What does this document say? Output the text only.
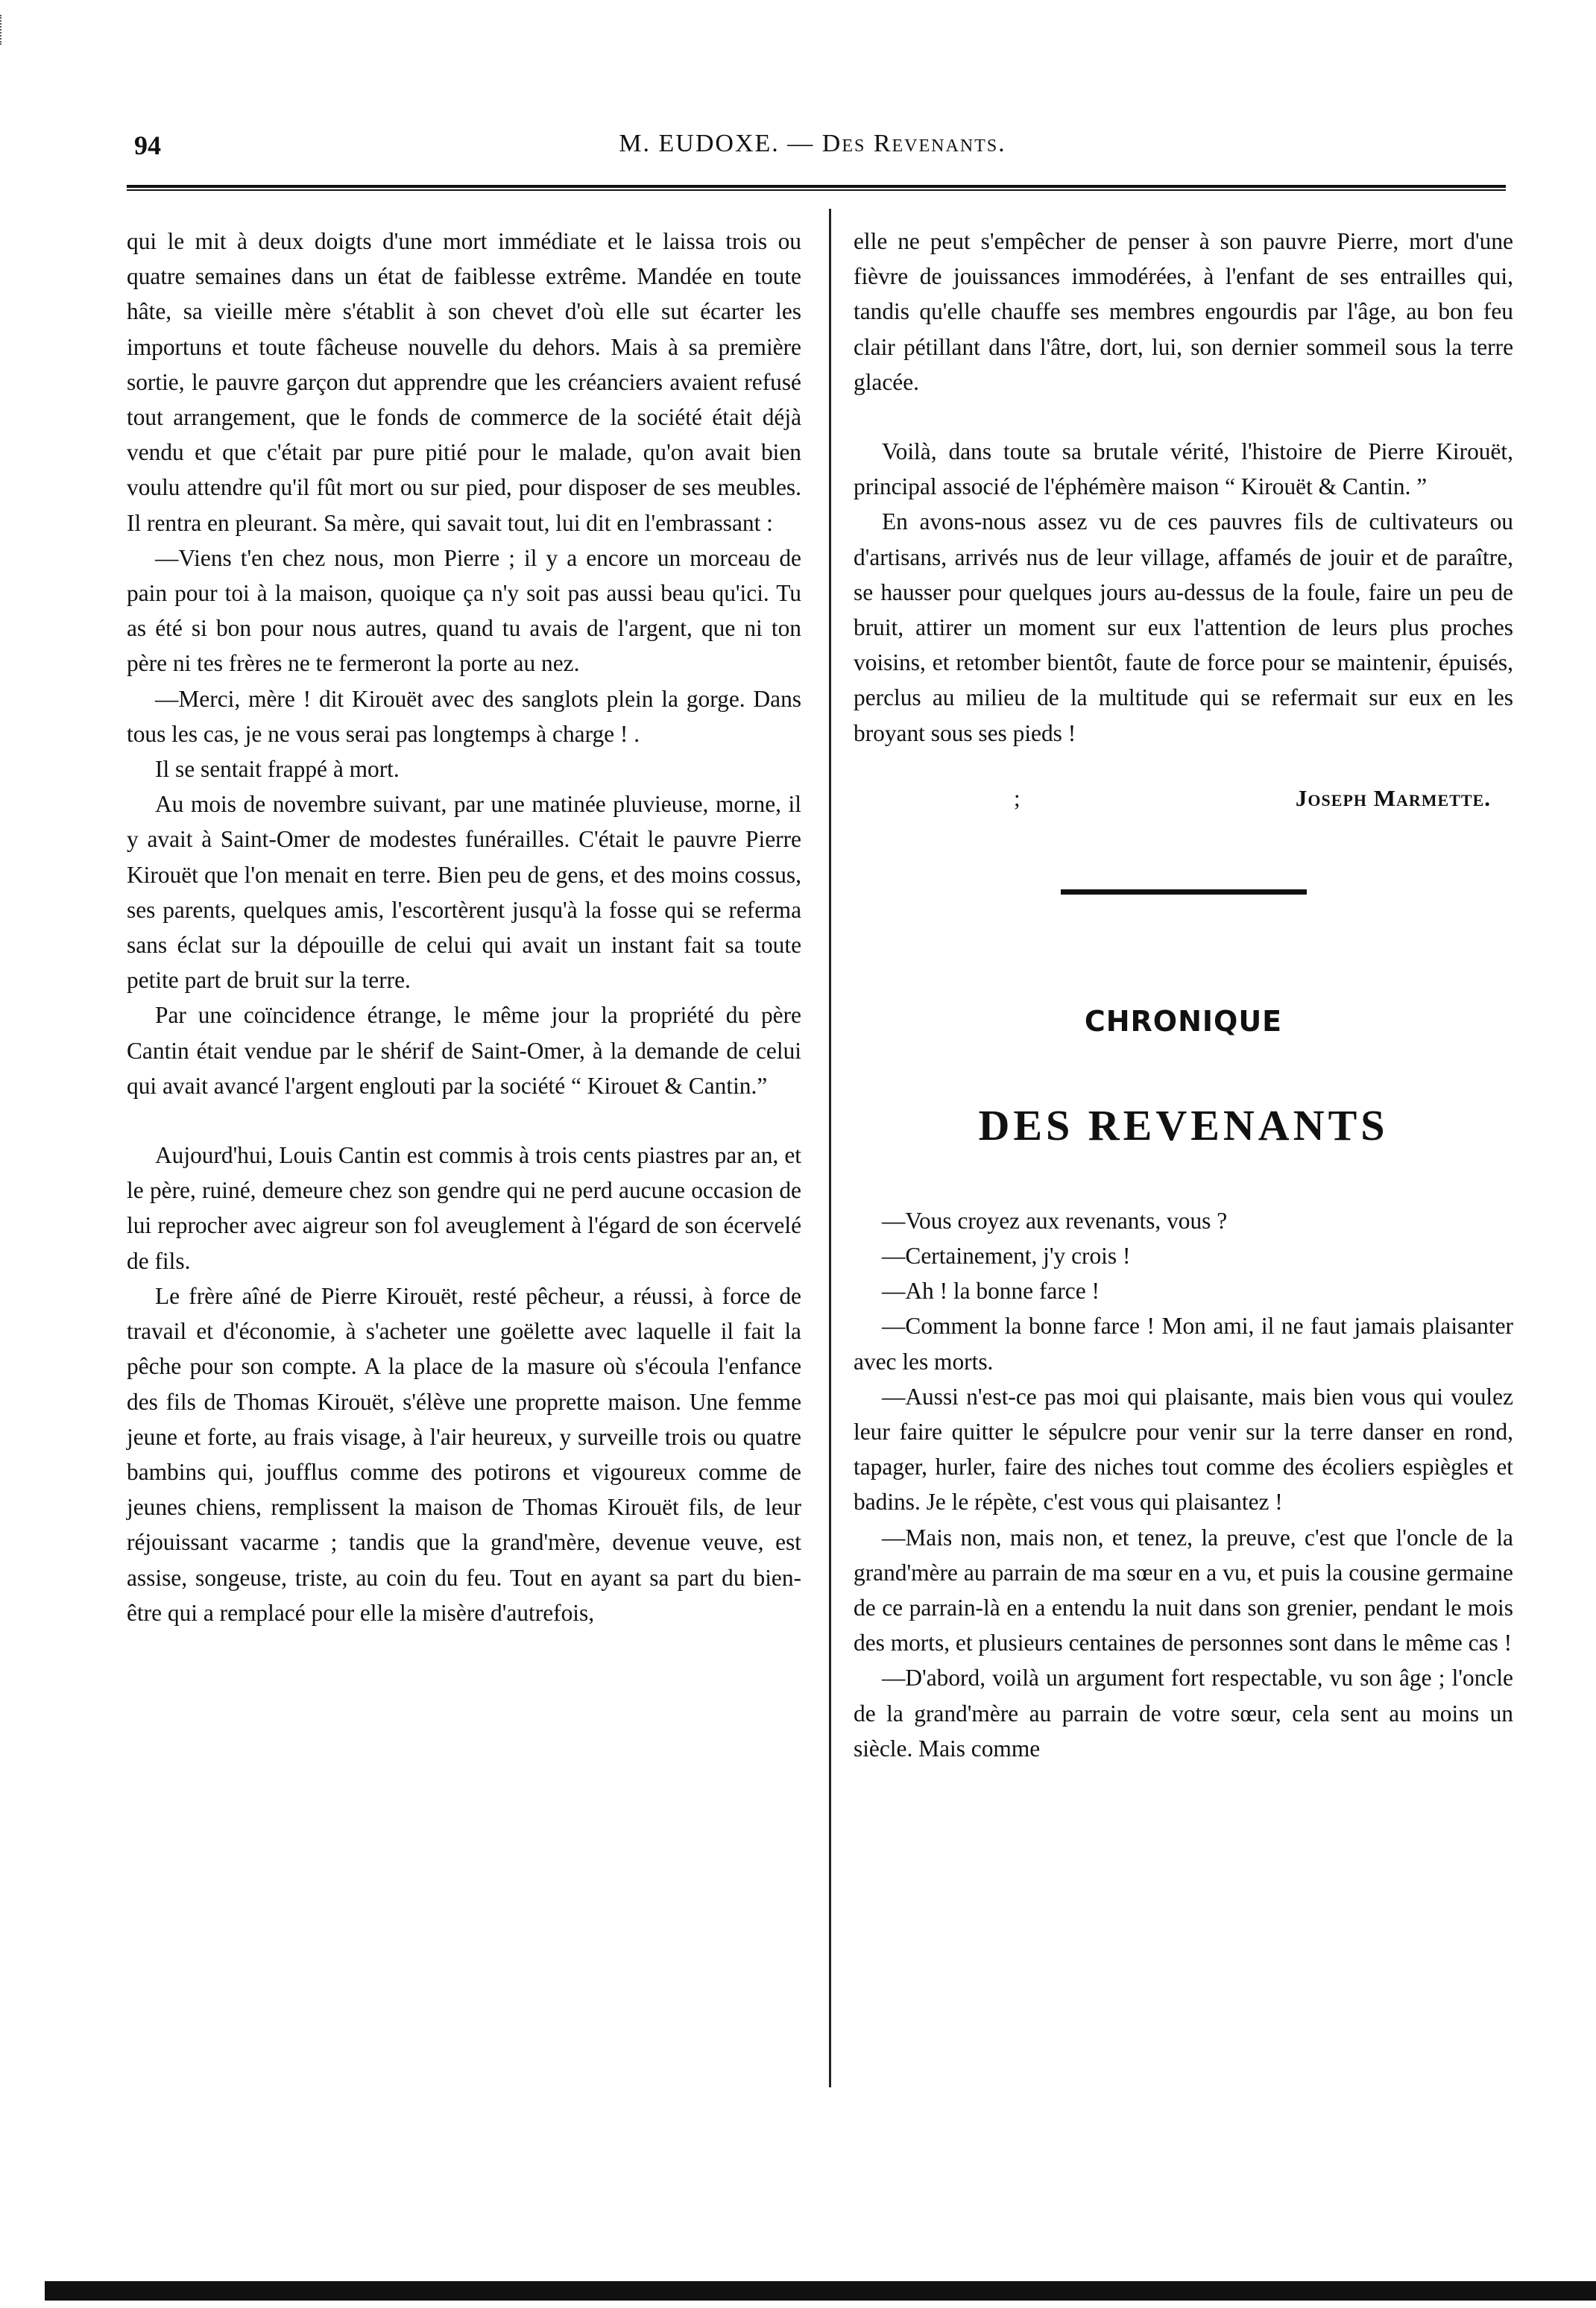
94	M. EUDOXE. — Des Revenants.

qui le mit à deux doigts d'une mort immédiate et le laissa trois ou quatre semaines dans un état de faiblesse extrême. Mandée en toute hâte, sa vieille mère s'établit à son chevet d'où elle sut écarter les importuns et toute fâcheuse nouvelle du dehors. Mais à sa première sortie, le pauvre garçon dut apprendre que les créanciers avaient refusé tout arrangement, que le fonds de commerce de la société était déjà vendu et que c'était par pure pitié pour le malade, qu'on avait bien voulu attendre qu'il fût mort ou sur pied, pour disposer de ses meubles. Il rentra en pleurant. Sa mère, qui savait tout, lui dit en l'embrassant :

—Viens t'en chez nous, mon Pierre ; il y a encore un morceau de pain pour toi à la maison, quoique ça n'y soit pas aussi beau qu'ici. Tu as été si bon pour nous autres, quand tu avais de l'argent, que ni ton père ni tes frères ne te fermeront la porte au nez.

—Merci, mère ! dit Kirouët avec des sanglots plein la gorge. Dans tous les cas, je ne vous serai pas longtemps à charge ! .

Il se sentait frappé à mort.

Au mois de novembre suivant, par une matinée pluvieuse, morne, il y avait à Saint-Omer de modestes funérailles. C'était le pauvre Pierre Kirouët que l'on menait en terre. Bien peu de gens, et des moins cossus, ses parents, quelques amis, l'escortèrent jusqu'à la fosse qui se referma sans éclat sur la dépouille de celui qui avait un instant fait sa toute petite part de bruit sur la terre.

Par une coïncidence étrange, le même jour la propriété du père Cantin était vendue par le shérif de Saint-Omer, à la demande de celui qui avait avancé l'argent englouti par la société “ Kirouet & Cantin.”

Aujourd'hui, Louis Cantin est commis à trois cents piastres par an, et le père, ruiné, demeure chez son gendre qui ne perd aucune occasion de lui reprocher avec aigreur son fol aveuglement à l'égard de son écervelé de fils.

Le frère aîné de Pierre Kirouët, resté pêcheur, a réussi, à force de travail et d'économie, à s'acheter une goëlette avec laquelle il fait la pêche pour son compte. A la place de la masure où s'écoula l'enfance des fils de Thomas Kirouët, s'élève une proprette maison. Une femme jeune et forte, au frais visage, à l'air heureux, y surveille trois ou quatre bambins qui, joufflus comme des potirons et vigoureux comme de jeunes chiens, remplissent la maison de Thomas Kirouët fils, de leur réjouissant vacarme ; tandis que la grand'mère, devenue veuve, est assise, songeuse, triste, au coin du feu. Tout en ayant sa part du bien-être qui a remplacé pour elle la misère d'autrefois,

elle ne peut s'empêcher de penser à son pauvre Pierre, mort d'une fièvre de jouissances immodérées, à l'enfant de ses entrailles qui, tandis qu'elle chauffe ses membres engourdis par l'âge, au bon feu clair pétillant dans l'âtre, dort, lui, son dernier sommeil sous la terre glacée.

Voilà, dans toute sa brutale vérité, l'histoire de Pierre Kirouët, principal associé de l'éphémère maison “ Kirouët & Cantin. ”

En avons-nous assez vu de ces pauvres fils de cultivateurs ou d'artisans, arrivés nus de leur village, affamés de jouir et de paraître, se hausser pour quelques jours au-dessus de la foule, faire un peu de bruit, attirer un moment sur eux l'attention de leurs plus proches voisins, et retomber bientôt, faute de force pour se maintenir, épuisés, perclus au milieu de la multitude qui se refermait sur eux en les broyant sous ses pieds !

;	Joseph Marmette.
CHRONIQUE
DES REVENANTS

—Vous croyez aux revenants, vous ?

—Certainement, j'y crois !

—Ah ! la bonne farce !

—Comment la bonne farce ! Mon ami, il ne faut jamais plaisanter avec les morts.

—Aussi n'est-ce pas moi qui plaisante, mais bien vous qui voulez leur faire quitter le sépulcre pour venir sur la terre danser en rond, tapager, hurler, faire des niches tout comme des écoliers espiègles et badins. Je le répète, c'est vous qui plaisantez !

—Mais non, mais non, et tenez, la preuve, c'est que l'oncle de la grand'mère au parrain de ma sœur en a vu, et puis la cousine germaine de ce parrain-là en a entendu la nuit dans son grenier, pendant le mois des morts, et plusieurs centaines de personnes sont dans le même cas !

—D'abord, voilà un argument fort respectable, vu son âge ; l'oncle de la grand'mère au parrain de votre sœur, cela sent au moins un siècle. Mais comme
